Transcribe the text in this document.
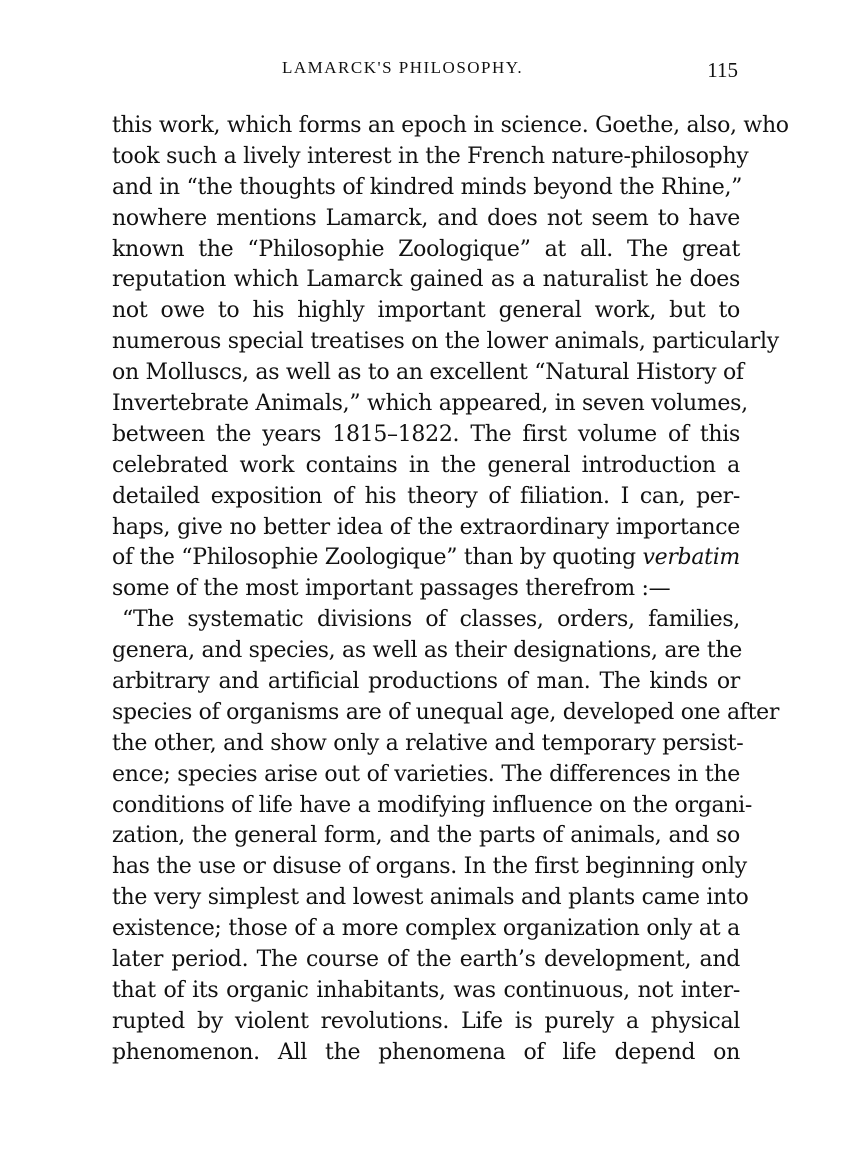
LAMARCK'S PHILOSOPHY.	115
this work, which forms an epoch in science. Goethe, also, who
took such a lively interest in the French nature-philosophy
and in “the thoughts of kindred minds beyond the Rhine,”
nowhere mentions Lamarck, and does not seem to have
known the “Philosophie Zoologique” at all. The great
reputation which Lamarck gained as a naturalist he does
not owe to his highly important general work, but to
numerous special treatises on the lower animals, particularly
on Molluscs, as well as to an excellent “Natural History of
Invertebrate Animals,” which appeared, in seven volumes,
between the years 1815–1822. The first volume of this
celebrated work contains in the general introduction a
detailed exposition of his theory of filiation. I can, per-
haps, give no better idea of the extraordinary importance
of the “Philosophie Zoologique” than by quoting verbatim
some of the most important passages therefrom :—
“The systematic divisions of classes, orders, families,
genera, and species, as well as their designations, are the
arbitrary and artificial productions of man. The kinds or
species of organisms are of unequal age, developed one after
the other, and show only a relative and temporary persist-
ence; species arise out of varieties. The differences in the
conditions of life have a modifying influence on the organi-
zation, the general form, and the parts of animals, and so
has the use or disuse of organs. In the first beginning only
the very simplest and lowest animals and plants came into
existence; those of a more complex organization only at a
later period. The course of the earth’s development, and
that of its organic inhabitants, was continuous, not inter-
rupted by violent revolutions. Life is purely a physical
phenomenon. All the phenomena of life depend on
